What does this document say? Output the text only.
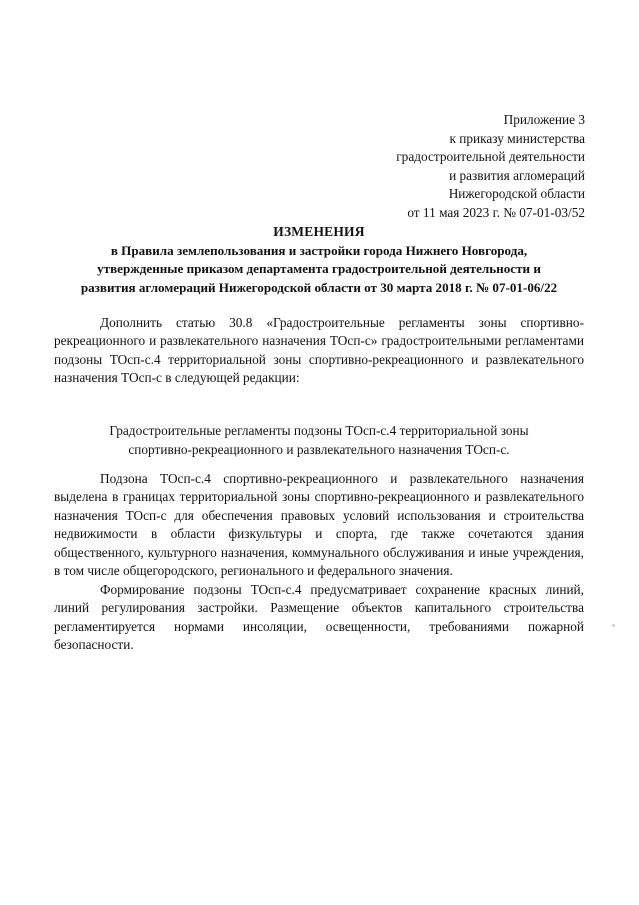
Приложение 3
к приказу министерства
градостроительной деятельности
и развития агломераций
Нижегородской области
от 11 мая 2023 г. № 07-01-03/52
ИЗМЕНЕНИЯ
в Правила землепользования и застройки города Нижнего Новгорода,
утвержденные приказом департамента градостроительной деятельности и
развития агломераций Нижегородской области от 30 марта 2018 г. № 07-01-06/22

Дополнить статью 30.8 «Градостроительные регламенты зоны спортивно-рекреационного и развлекательного назначения ТОсп-с» градостроительными регламентами подзоны ТОсп-с.4 территориальной зоны спортивно-рекреационного и развлекательного назначения ТОсп-с в следующей редакции:

Градостроительные регламенты подзоны ТОсп-с.4 территориальной зоны
спортивно-рекреационного и развлекательного назначения ТОсп-с.

Подзона ТОсп-с.4 спортивно-рекреационного и развлекательного назначения выделена в границах территориальной зоны спортивно-рекреационного и развлекательного назначения ТОсп-с для обеспечения правовых условий использования и строительства недвижимости в области физкультуры и спорта, где также сочетаются здания общественного, культурного назначения, коммунального обслуживания и иные учреждения, в том числе общегородского, регионального и федерального значения.

Формирование подзоны ТОсп-с.4 предусматривает сохранение красных линий, линий регулирования застройки. Размещение объектов капитального строительства регламентируется нормами инсоляции, освещенности, требованиями пожарной безопасности.
